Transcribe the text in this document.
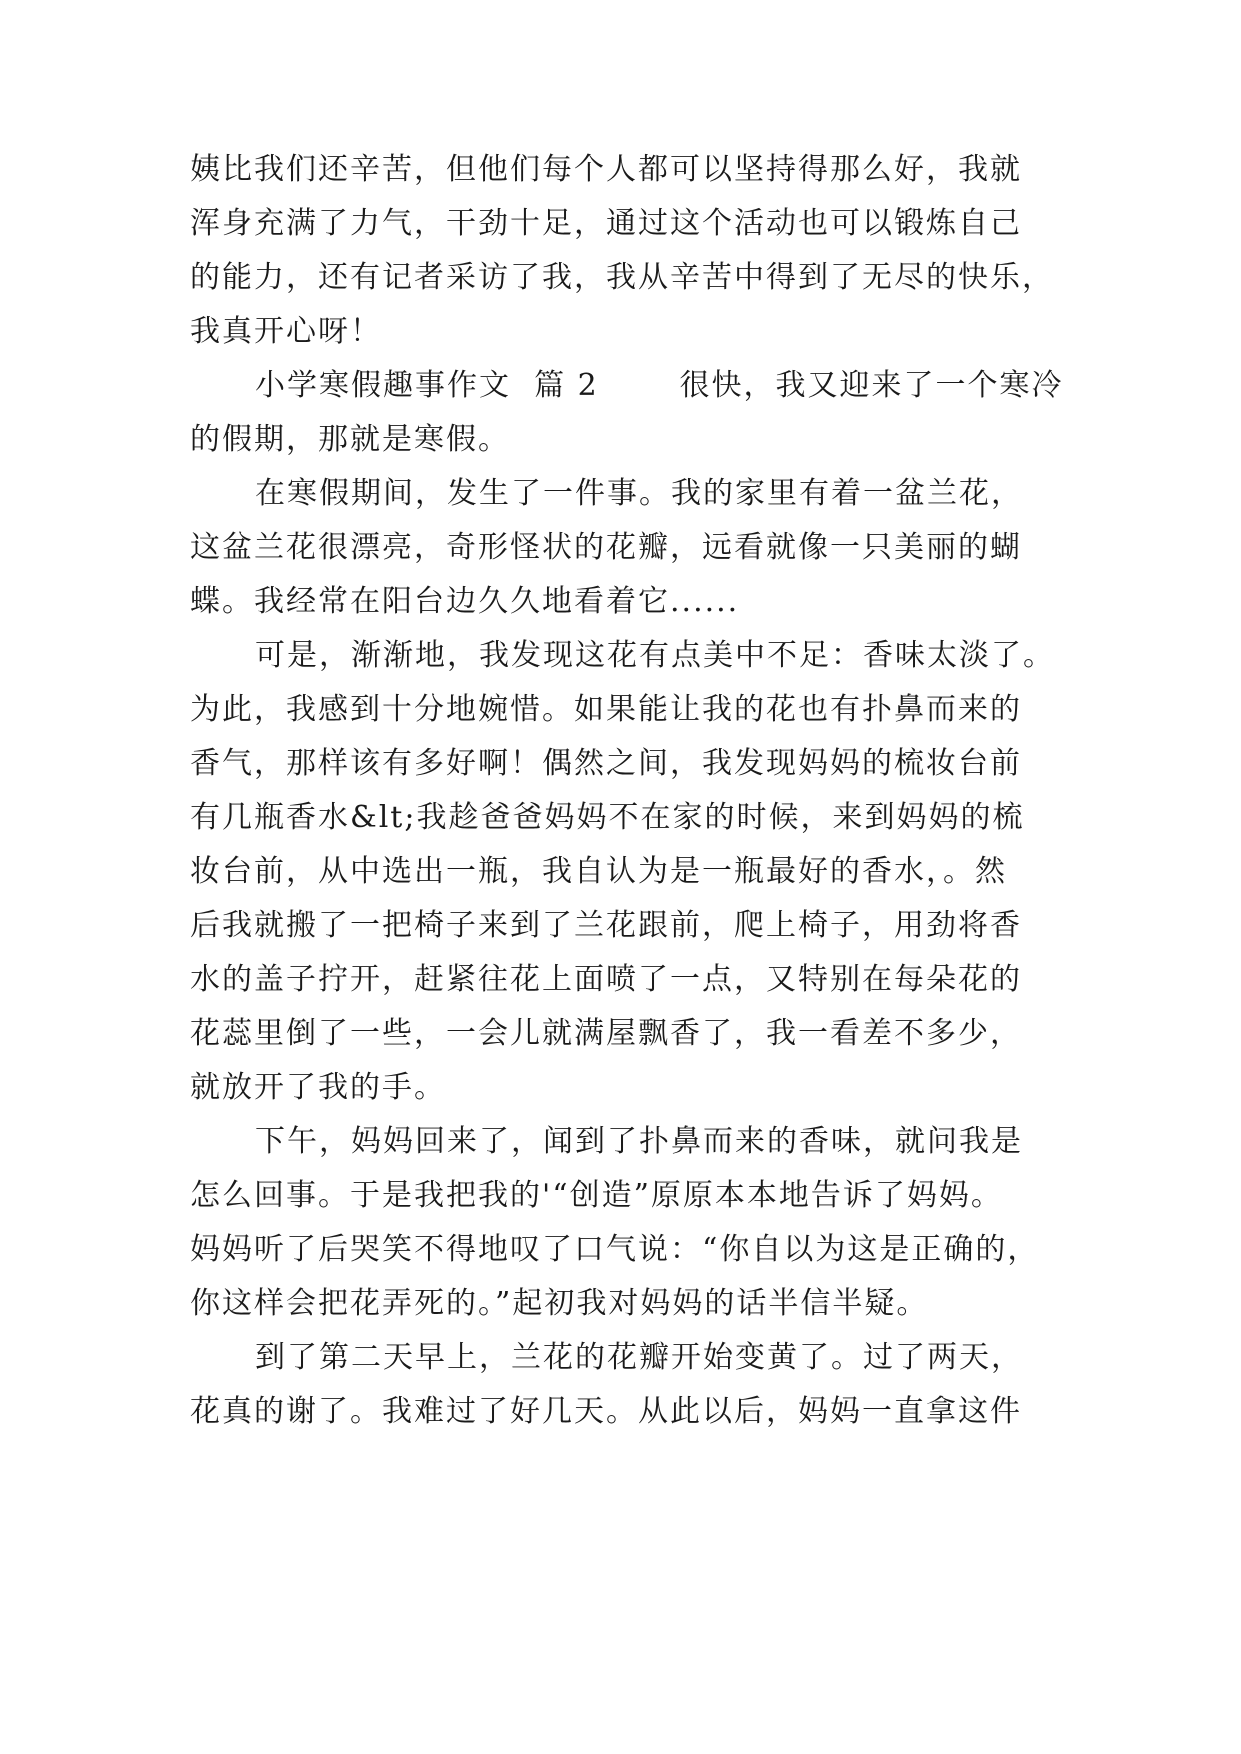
姨比我们还辛苦，但他们每个人都可以坚持得那么好，我就
浑身充满了力气，干劲十足，通过这个活动也可以锻炼自己
的能力，还有记者采访了我，我从辛苦中得到了无尽的快乐，
我真开心呀！
小学寒假趣事作文  篇 2       很快，我又迎来了一个寒冷
的假期，那就是寒假。
在寒假期间，发生了一件事。我的家里有着一盆兰花，
这盆兰花很漂亮，奇形怪状的花瓣，远看就像一只美丽的蝴
蝶。我经常在阳台边久久地看着它......
可是，渐渐地，我发现这花有点美中不足：香味太淡了。
为此，我感到十分地婉惜。如果能让我的花也有扑鼻而来的
香气，那样该有多好啊！偶然之间，我发现妈妈的梳妆台前
有几瓶香水&lt;我趁爸爸妈妈不在家的时候，来到妈妈的梳
妆台前，从中选出一瓶，我自认为是一瓶最好的香水，。然
后我就搬了一把椅子来到了兰花跟前，爬上椅子，用劲将香
水的盖子拧开，赶紧往花上面喷了一点，又特别在每朵花的
花蕊里倒了一些，一会儿就满屋飘香了，我一看差不多少，
就放开了我的手。
下午，妈妈回来了，闻到了扑鼻而来的香味，就问我是
怎么回事。于是我把我的'“创造”原原本本地告诉了妈妈。
妈妈听了后哭笑不得地叹了口气说：“你自以为这是正确的，
你这样会把花弄死的。”起初我对妈妈的话半信半疑。
到了第二天早上，兰花的花瓣开始变黄了。过了两天，
花真的谢了。我难过了好几天。从此以后，妈妈一直拿这件
